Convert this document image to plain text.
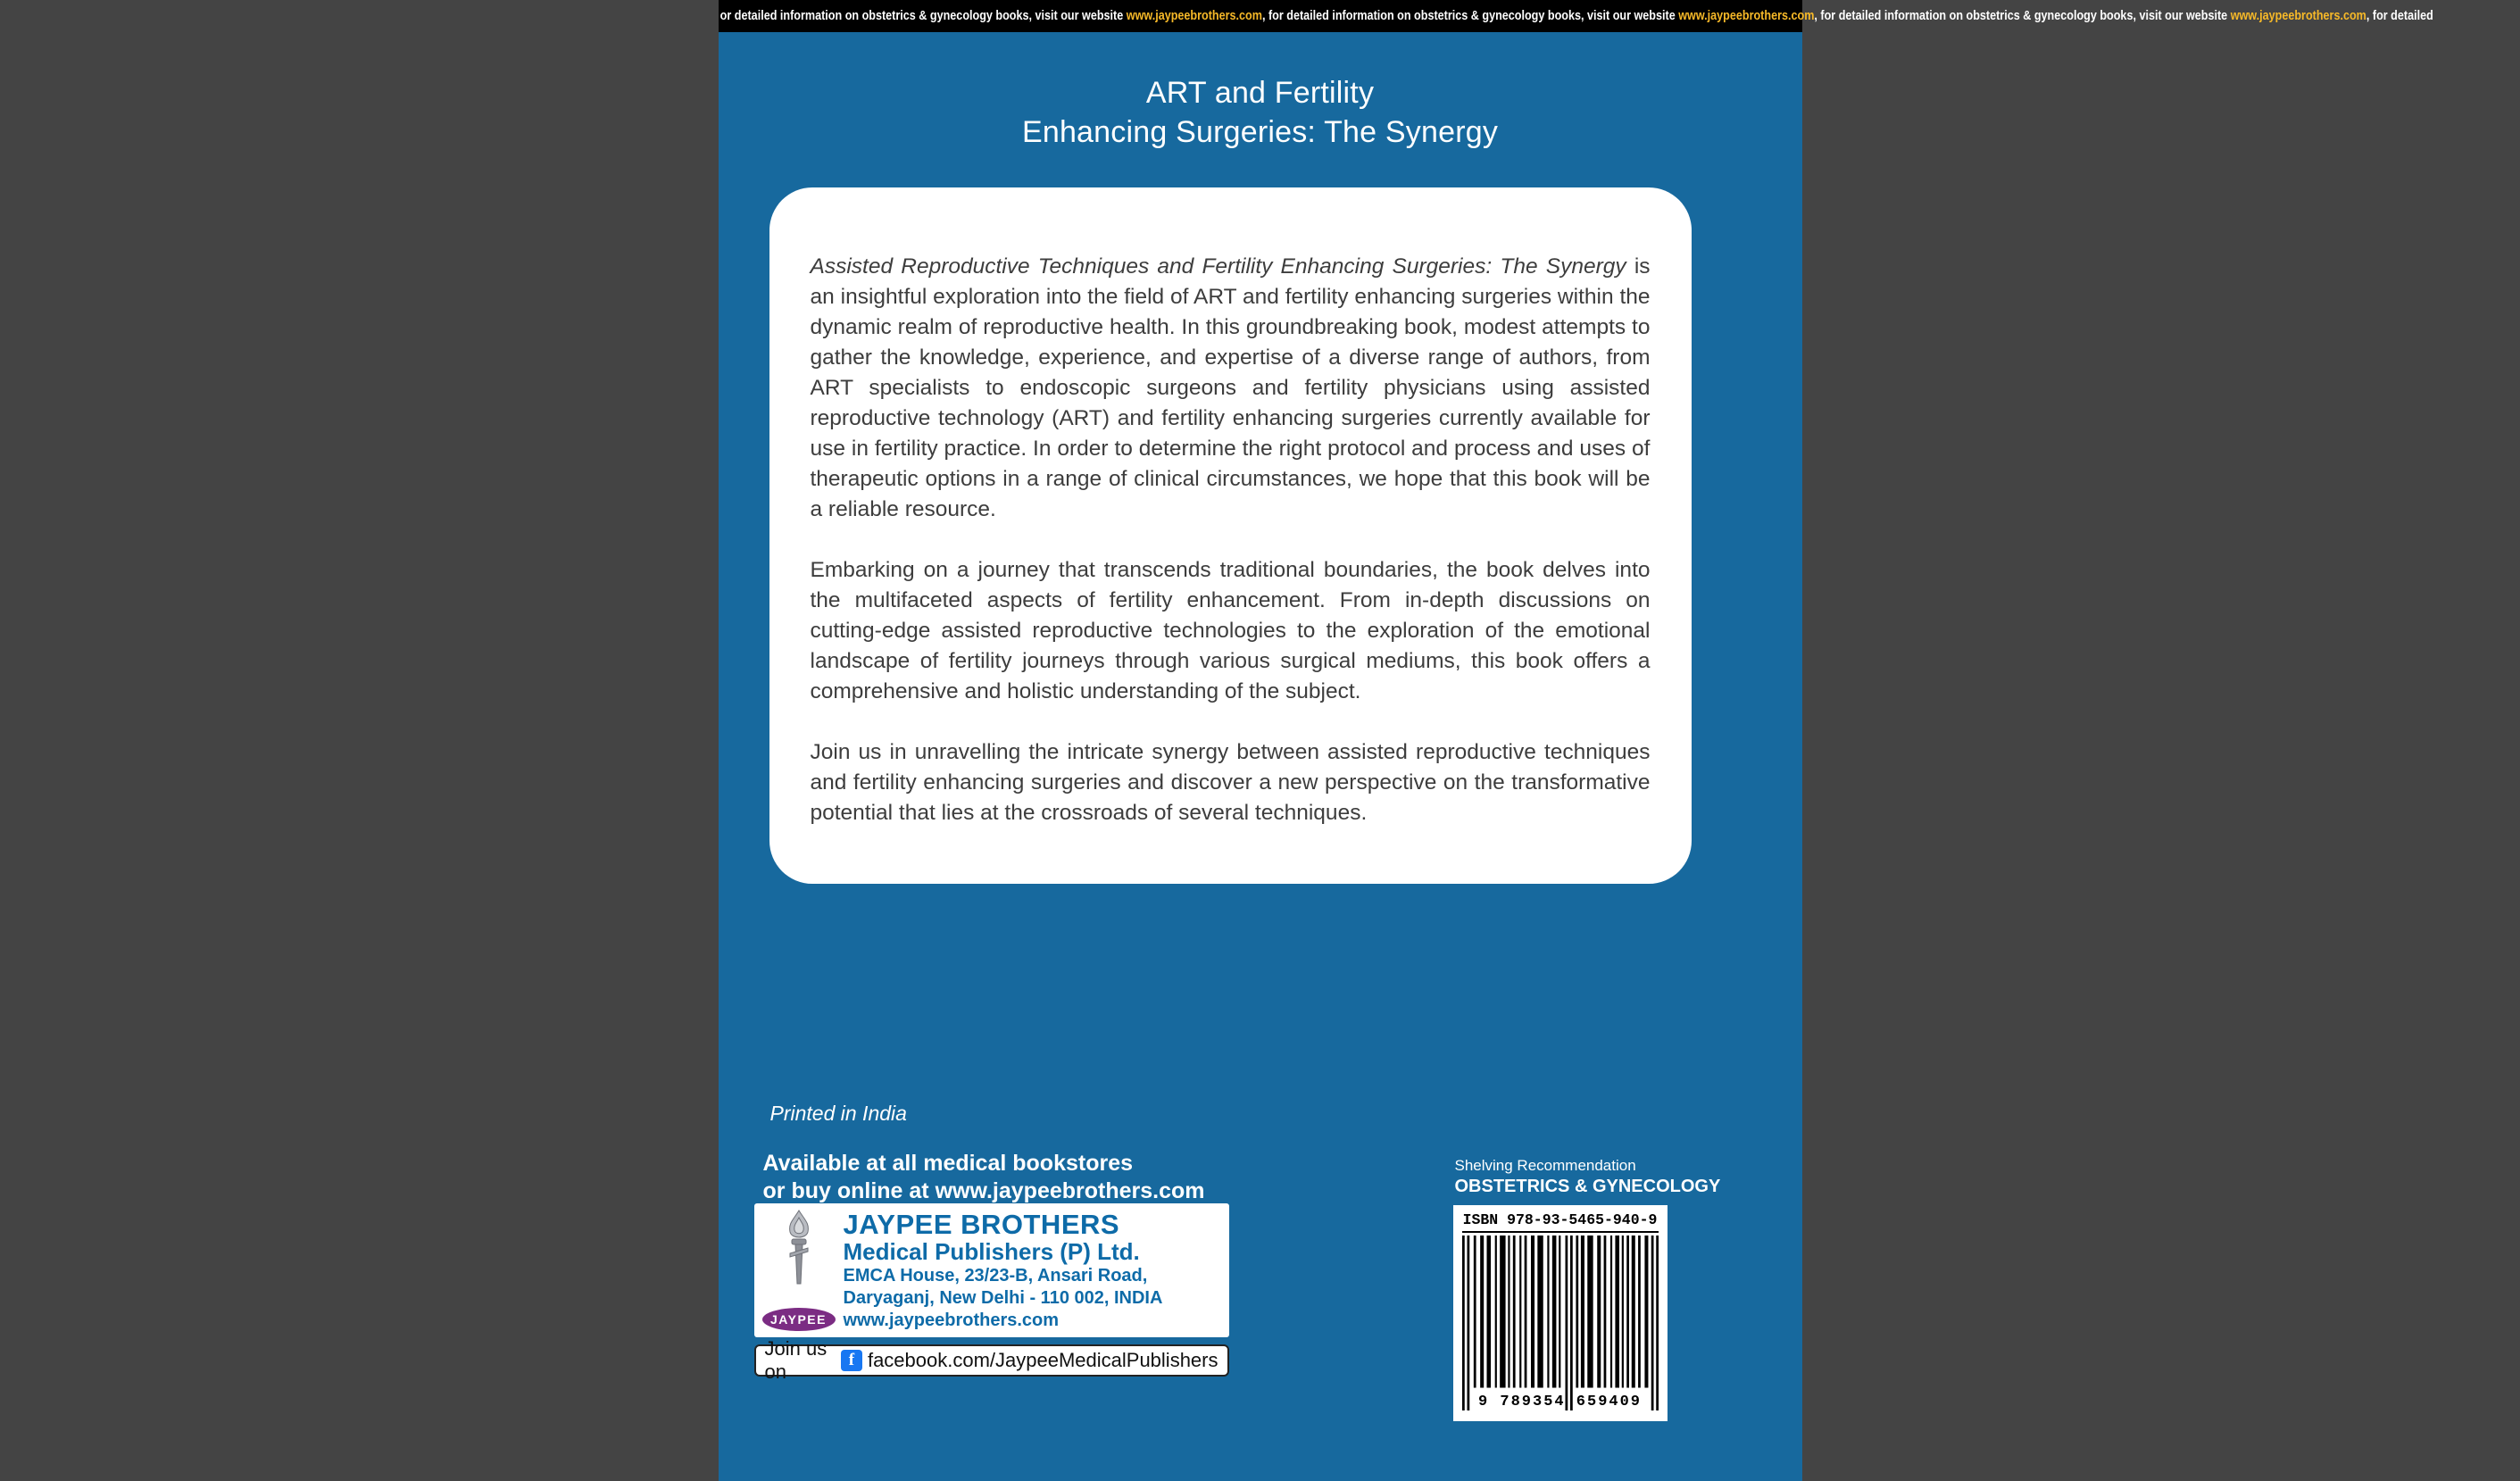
or detailed information on obstetrics & gynecology books, visit our website www.jaypeebrothers.com, for detailed information on obstetrics & gynecology books, visit our website www.jaypeebrothers.com, for detailed information on obstetrics & gynecology books, visit our website www.jaypeebrothers.com, for detailed
ART and Fertility
Enhancing Surgeries: The Synergy

Assisted Reproductive Techniques and Fertility Enhancing Surgeries: The Synergy is an insightful exploration into the field of ART and fertility enhancing surgeries within the dynamic realm of reproductive health. In this groundbreaking book, modest attempts to gather the knowledge, experience, and expertise of a diverse range of authors, from ART specialists to endoscopic surgeons and fertility physicians using assisted reproductive technology (ART) and fertility enhancing surgeries currently available for use in fertility practice. In order to determine the right protocol and process and uses of therapeutic options in a range of clinical circumstances, we hope that this book will be a reliable resource.

Embarking on a journey that transcends traditional boundaries, the book delves into the multifaceted aspects of fertility enhancement. From in-depth discussions on cutting-edge assisted reproductive technologies to the exploration of the emotional landscape of fertility journeys through various surgical mediums, this book offers a comprehensive and holistic understanding of the subject.

Join us in unravelling the intricate synergy between assisted reproductive techniques and fertility enhancing surgeries and discover a new perspective on the transformative potential that lies at the crossroads of several techniques.

Printed in India
Available at all medical bookstores
or buy online at www.jaypeebrothers.com
JAYPEE
JAYPEE BROTHERS
Medical Publishers (P) Ltd.
EMCA House, 23/23-B, Ansari Road,
Daryaganj, New Delhi - 110 002, INDIA
www.jaypeebrothers.com
Join us on
f facebook.com/JaypeeMedicalPublishers
Shelving Recommendation
OBSTETRICS & GYNECOLOGY
ISBN 978-93-5465-940-9
9 789354 659409
